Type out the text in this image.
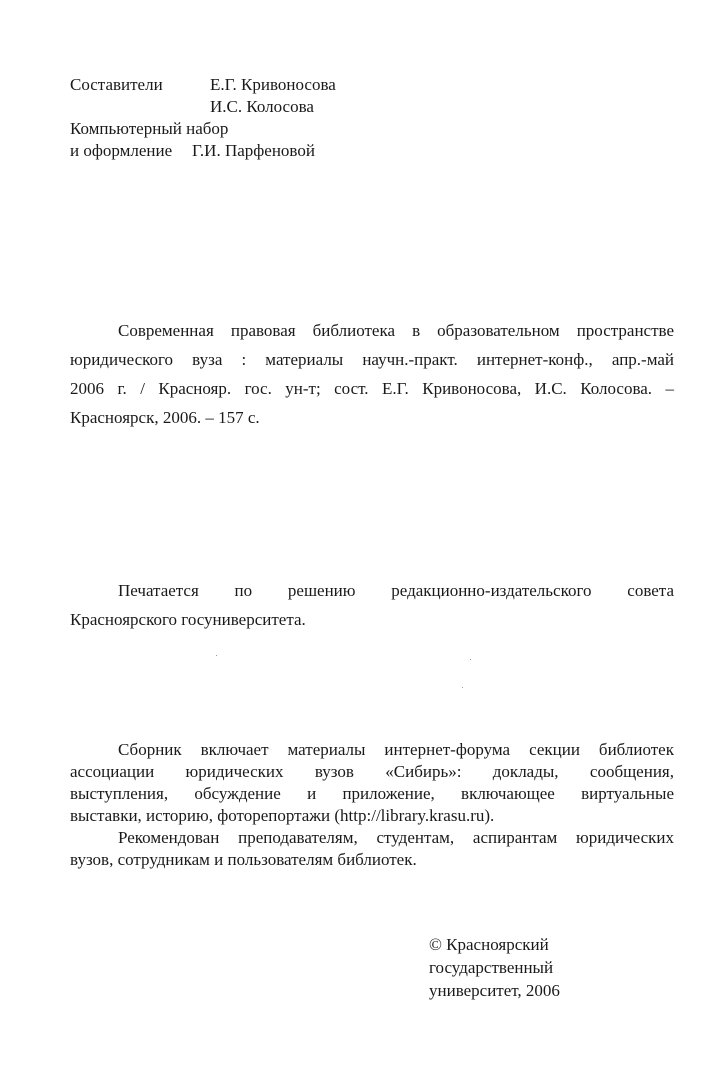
Составители	Е.Г. Кривоносова
И.С. Колосова
Компьютерный набор
и оформление Г.И. Парфеновой
Современная правовая библиотека в образовательном пространстве
юридического вуза : материалы научн.-практ. интернет-конф., апр.-май
2006 г. / Краснояр. гос. ун-т; сост. Е.Г. Кривоносова, И.С. Колосова. –
Красноярск, 2006. – 157 с.
Печатается по решению редакционно-издательского совета
Красноярского госуниверситета.
Сборник включает материалы интернет-форума секции библиотек
ассоциации юридических вузов «Сибирь»: доклады, сообщения,
выступления, обсуждение и приложение, включающее виртуальные
выставки, историю, фоторепортажи (http://library.krasu.ru).
Рекомендован преподавателям, студентам, аспирантам юридических
вузов, сотрудникам и пользователям библиотек.
© Красноярский
государственный
университет, 2006
